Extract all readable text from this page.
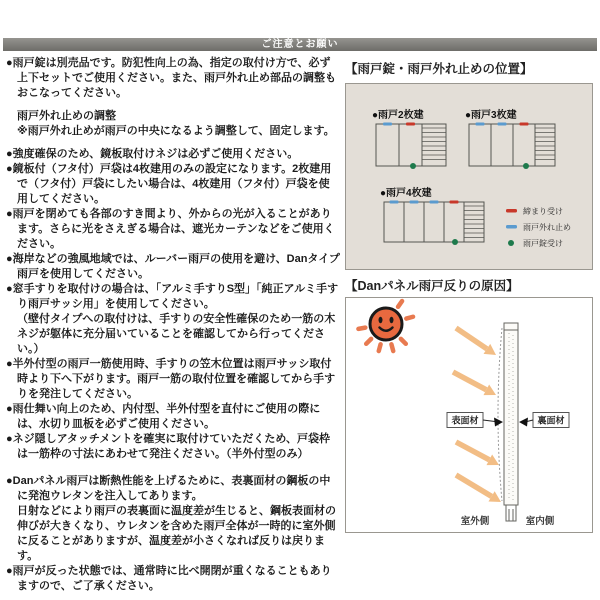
ご注意とお願い

●雨戸錠は別売品です。防犯性向上の為、指定の取付け方で、必ず上下セットでご使用ください。また、雨戸外れ止め部品の調整もおこなってください。

雨戸外れ止めの調整

※雨戸外れ止めが雨戸の中央になるよう調整して、固定します。

●強度確保のため、鏡板取付けネジは必ずご使用ください。

●鏡板付（フタ付）戸袋は4枚建用のみの設定になります。2枚建用で（フタ付）戸袋にしたい場合は、4枚建用（フタ付）戸袋を使用してください。

●雨戸を閉めても各部のすき間より、外からの光が入ることがあります。さらに光をさえぎる場合は、遮光カーテンなどをご使用ください。

●海岸などの強風地域では、ルーバー雨戸の使用を避け、Danタイプ雨戸を使用してください。

●窓手すりを取付けの場合は、「アルミ手すりS型」「純正アルミ手すり雨戸サッシ用」を使用してください。

（壁付タイプへの取付けは、手すりの安全性確保のため一筋の木ネジが躯体に充分届いていることを確認してから行ってください。）

●半外付型の雨戸一筋使用時、手すりの笠木位置は雨戸サッシ取付時より下へ下がります。雨戸一筋の取付位置を確認してから手すりを発注してください。

●雨仕舞い向上のため、内付型、半外付型を直付にご使用の際には、水切り皿板を必ずご使用ください。

●ネジ隠しアタッチメントを確実に取付けていただくため、戸袋枠は一筋枠の寸法にあわせて発注ください。（半外付型のみ）

●Danパネル雨戸は断熱性能を上げるために、表裏面材の鋼板の中に発泡ウレタンを注入してあります。

日射などにより雨戸の表裏面に温度差が生じると、鋼板表面材の伸びが大きくなり、ウレタンを含めた雨戸全体が一時的に室外側に反ることがありますが、温度差が小さくなれば反りは戻ります。

●雨戸が反った状態では、通常時に比べ開閉が重くなることもありますので、ご了承ください。

【雨戸錠・雨戸外れ止めの位置】
●雨戸2枚建	●雨戸3枚建
●雨戸4枚建
締まり受け
雨戸外れ止め
雨戸錠受け
【Danパネル雨戸反りの原因】
表面材	裏面材
室外側	室内側
